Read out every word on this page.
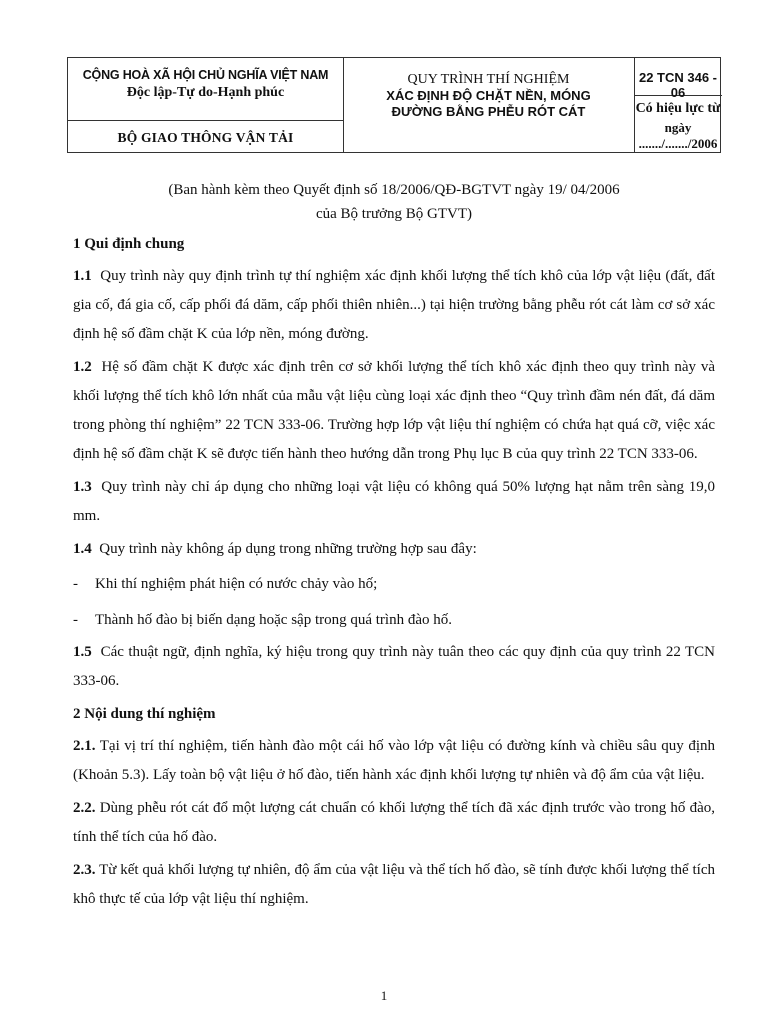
CỘNG HOÀ XÃ HỘI CHỦ NGHĨA VIỆT NAM
Độc lập-Tự do-Hạnh phúc
BỘ GIAO THÔNG VẬN TẢI
QUY TRÌNH THÍ NGHIỆM
XÁC ĐỊNH ĐỘ CHẶT NỀN, MÓNG
ĐƯỜNG BẰNG PHỄU RÓT CÁT
22 TCN 346 - 06
Có hiệu lực từ
ngày ......./......./2006

(Ban hành kèm theo Quyết định số 18/2006/QĐ-BGTVT ngày 19/ 04/2006

của Bộ trưởng Bộ GTVT)

1 Qui định chung

1.1 Quy trình này quy định trình tự thí nghiệm xác định khối lượng thể tích khô của lớp vật liệu (đất, đất gia cố, đá gia cố, cấp phối đá dăm, cấp phối thiên nhiên...) tại hiện trường bằng phễu rót cát làm cơ sở xác định hệ số đầm chặt K của lớp nền, móng đường.

1.2 Hệ số đầm chặt K được xác định trên cơ sở khối lượng thể tích khô xác định theo quy trình này và khối lượng thể tích khô lớn nhất của mẫu vật liệu cùng loại xác định theo “Quy trình đầm nén đất, đá dăm trong phòng thí nghiệm” 22 TCN 333-06. Trường hợp lớp vật liệu thí nghiệm có chứa hạt quá cỡ, việc xác định hệ số đầm chặt K sẽ được tiến hành theo hướng dẫn trong Phụ lục B của quy trình 22 TCN 333-06.

1.3 Quy trình này chỉ áp dụng cho những loại vật liệu có không quá 50% lượng hạt nằm trên sàng 19,0 mm.

1.4 Quy trình này không áp dụng trong những trường hợp sau đây:

- Khi thí nghiệm phát hiện có nước chảy vào hố;

- Thành hố đào bị biến dạng hoặc sập trong quá trình đào hố.

1.5 Các thuật ngữ, định nghĩa, ký hiệu trong quy trình này tuân theo các quy định của quy trình 22 TCN 333-06.

2 Nội dung thí nghiệm

2.1. Tại vị trí thí nghiệm, tiến hành đào một cái hố vào lớp vật liệu có đường kính và chiều sâu quy định (Khoản 5.3). Lấy toàn bộ vật liệu ở hố đào, tiến hành xác định khối lượng tự nhiên và độ ẩm của vật liệu.

2.2. Dùng phễu rót cát đổ một lượng cát chuẩn có khối lượng thể tích đã xác định trước vào trong hố đào, tính thể tích của hố đào.

2.3. Từ kết quả khối lượng tự nhiên, độ ẩm của vật liệu và thể tích hố đào, sẽ tính được khối lượng thể tích khô thực tế của lớp vật liệu thí nghiệm.

1
